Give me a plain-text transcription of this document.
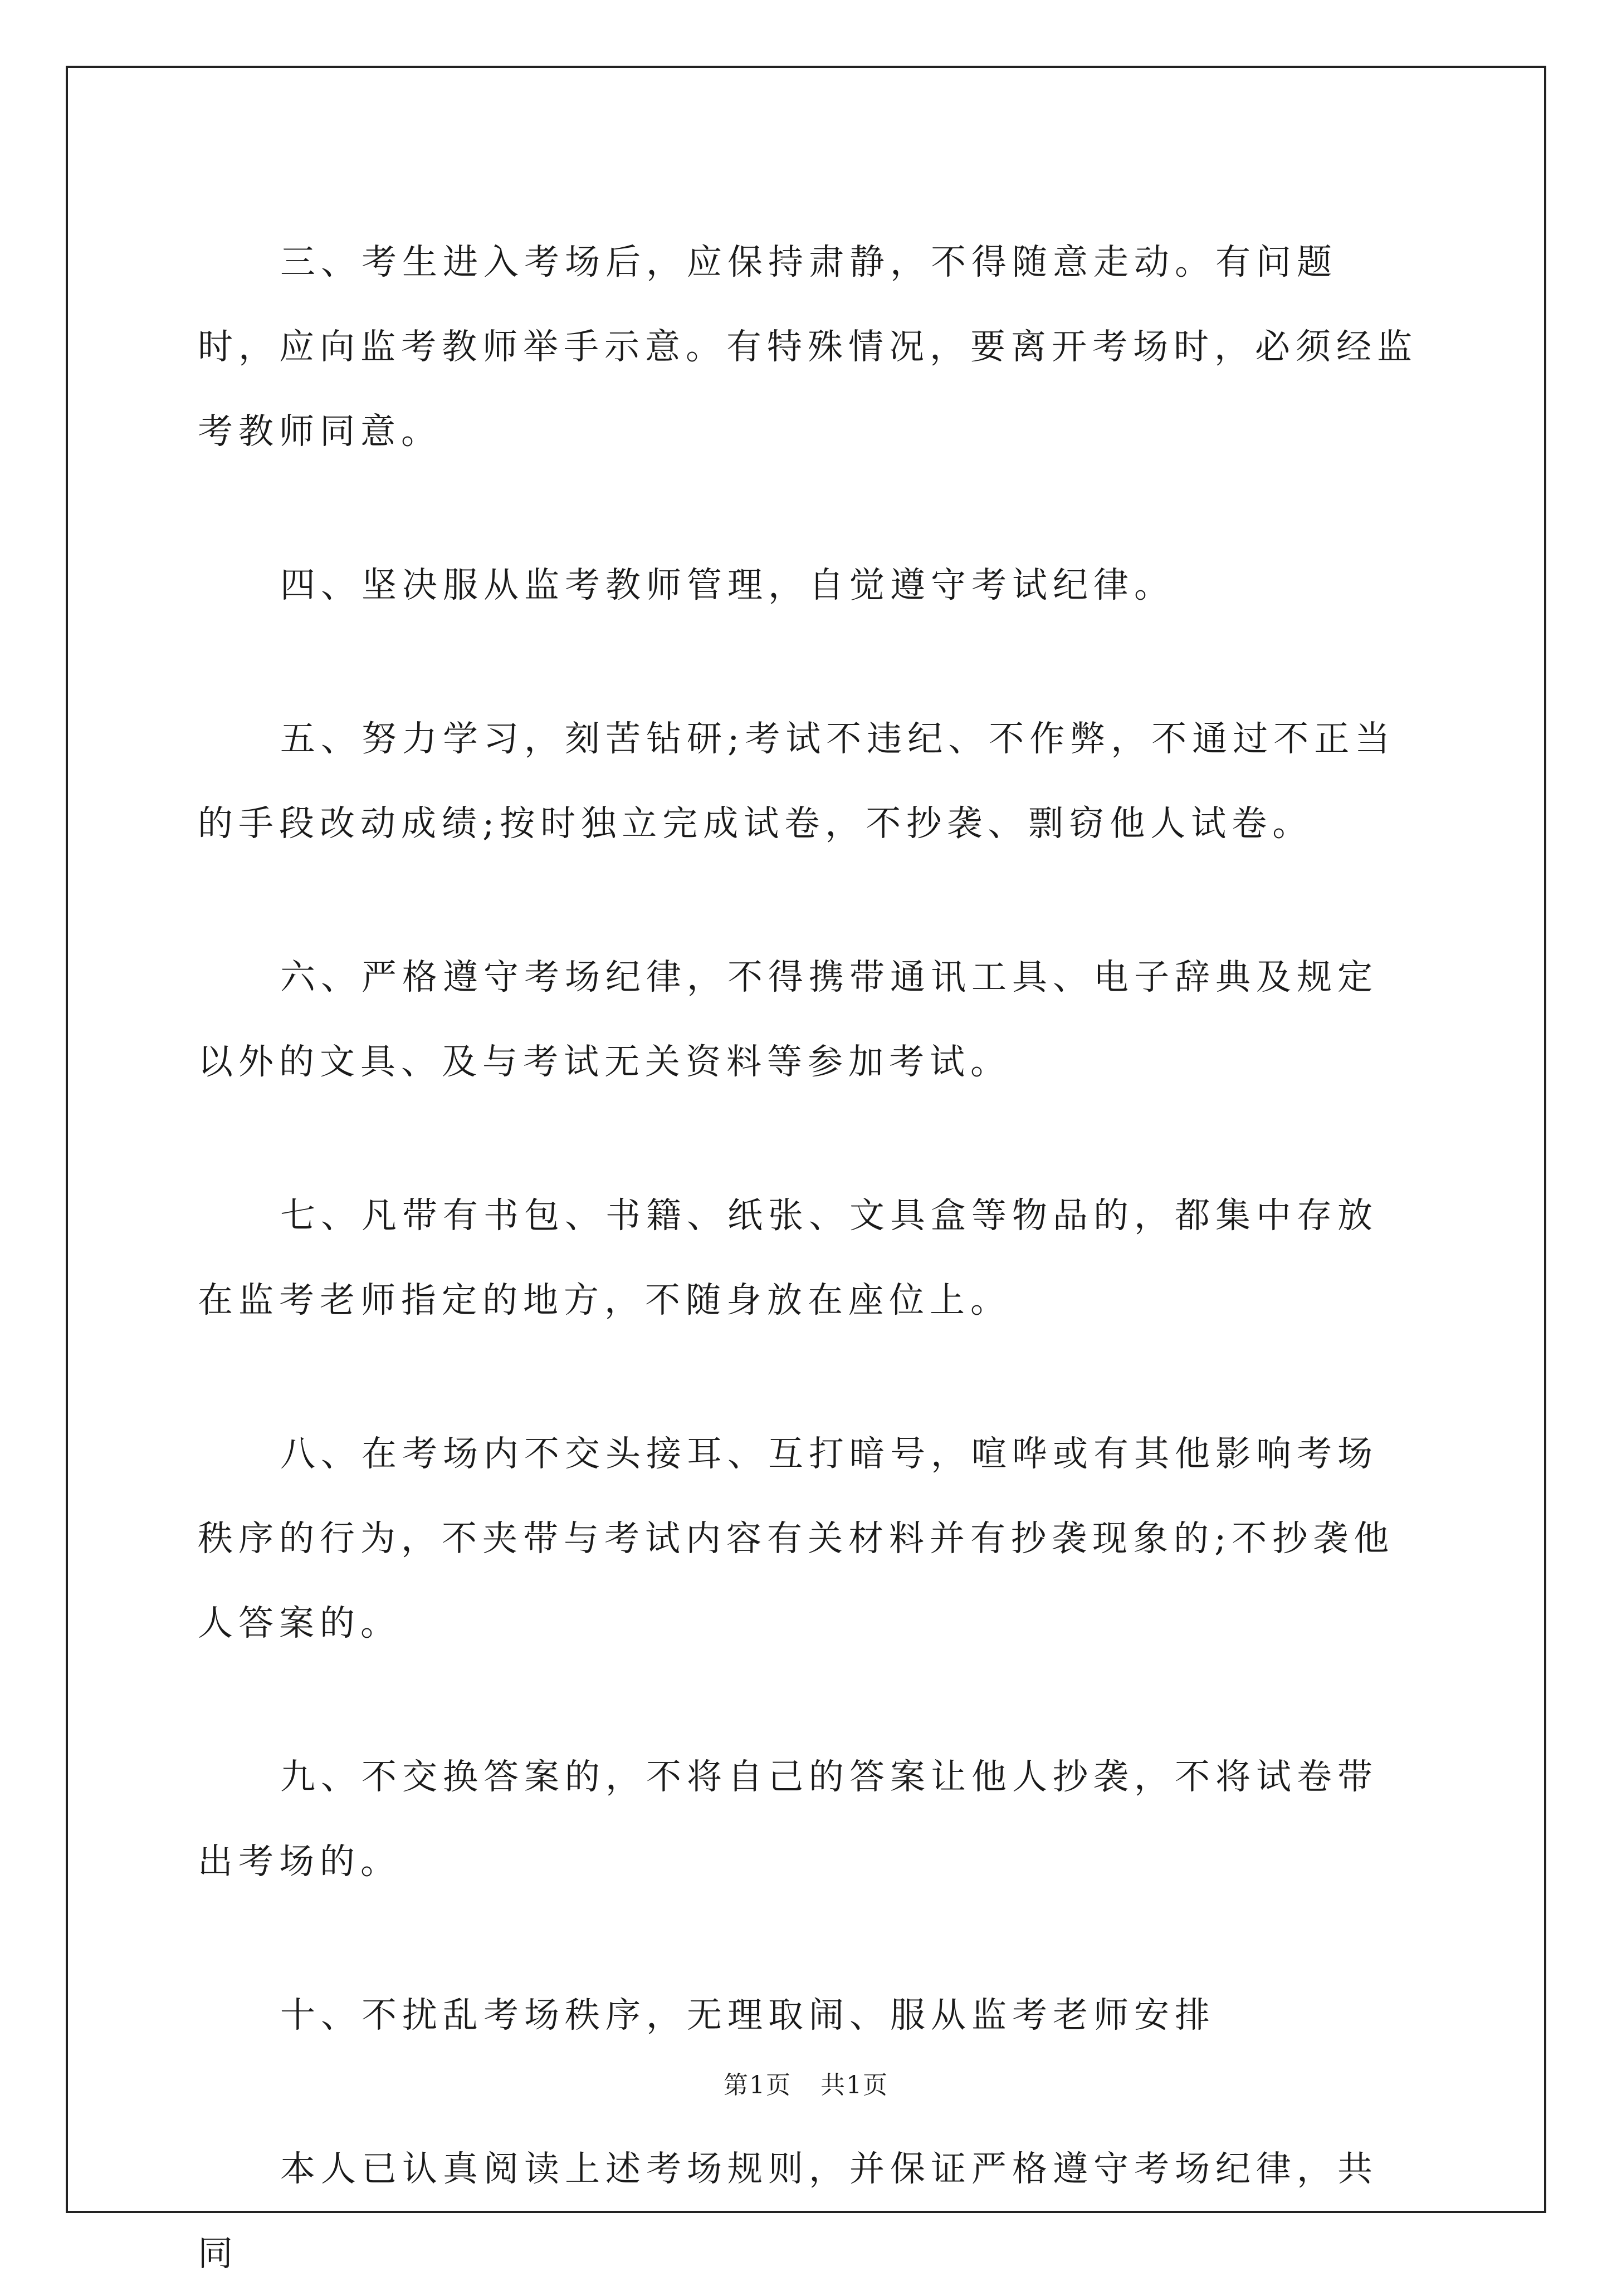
三、考生进入考场后，应保持肃静，不得随意走动。有问题时，应向监考教师举手示意。有特殊情况，要离开考场时，必须经监考教师同意。

四、坚决服从监考教师管理，自觉遵守考试纪律。

五、努力学习，刻苦钻研;考试不违纪、不作弊，不通过不正当的手段改动成绩;按时独立完成试卷，不抄袭、剽窃他人试卷。

六、严格遵守考场纪律，不得携带通讯工具、电子辞典及规定以外的文具、及与考试无关资料等参加考试。

七、凡带有书包、书籍、纸张、文具盒等物品的，都集中存放在监考老师指定的地方，不随身放在座位上。

八、在考场内不交头接耳、互打暗号，喧哗或有其他影响考场秩序的行为，不夹带与考试内容有关材料并有抄袭现象的;不抄袭他人答案的。

九、不交换答案的，不将自己的答案让他人抄袭，不将试卷带出考场的。

十、不扰乱考场秩序，无理取闹、服从监考老师安排

本人已认真阅读上述考场规则，并保证严格遵守考场纪律，共同

第1页 共1页
